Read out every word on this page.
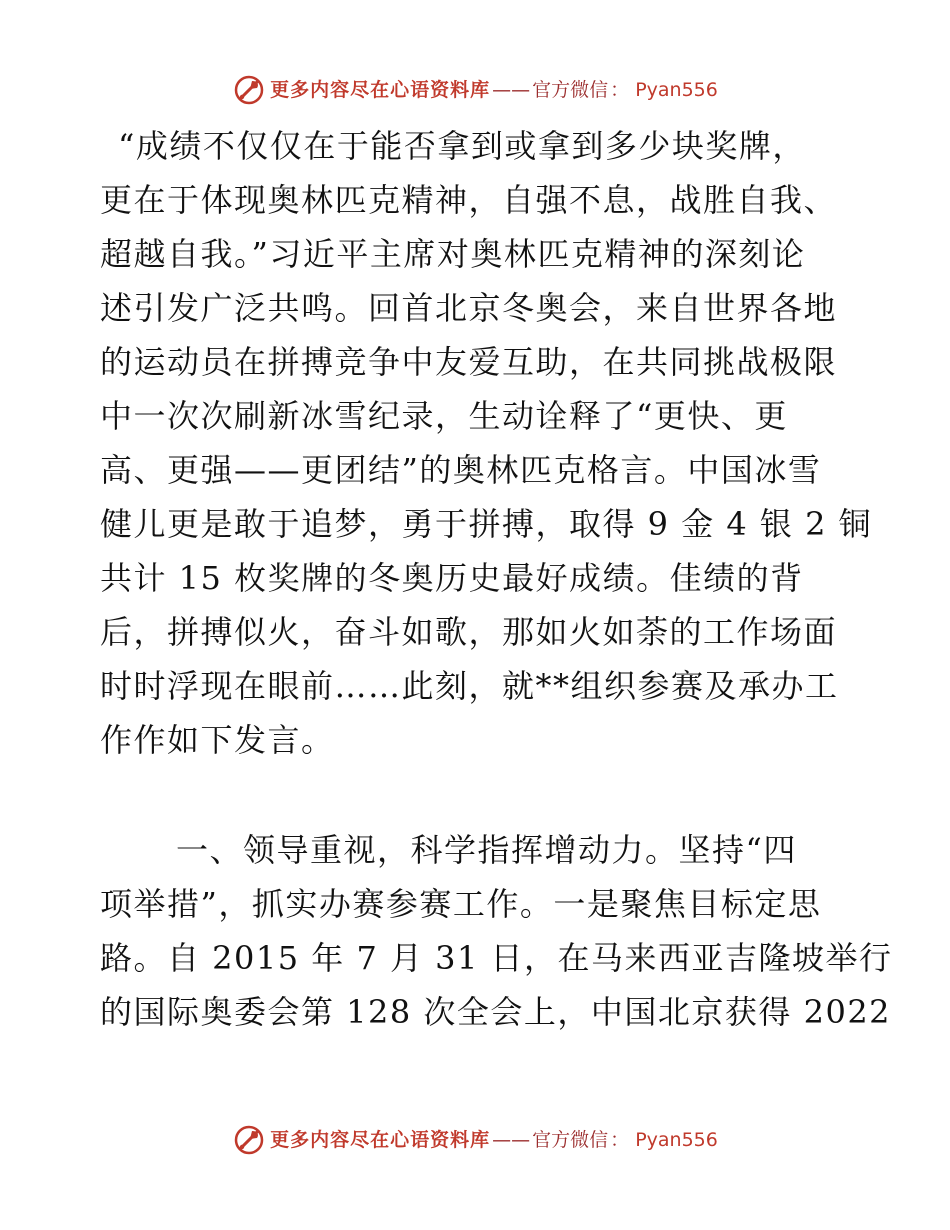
更多内容尽在心语资料库 —— 官方微信 ： Pyan556
“成绩不仅仅在于能否拿到或拿到多少块奖牌，
更在于体现奥林匹克精神，自强不息，战胜自我、
超越自我。”习近平主席对奥林匹克精神的深刻论
述引发广泛共鸣。回首北京冬奥会，来自世界各地
的运动员在拼搏竞争中友爱互助，在共同挑战极限
中一次次刷新冰雪纪录，生动诠释了“更快、更
高、更强——更团结”的奥林匹克格言。中国冰雪
健儿更是敢于追梦，勇于拼搏，取得 9 金 4 银 2 铜
共计 15 枚奖牌的冬奥历史最好成绩。佳绩的背
后，拼搏似火，奋斗如歌，那如火如荼的工作场面
时时浮现在眼前……此刻，就**组织参赛及承办工
作作如下发言。
一、领导重视，科学指挥增动力。坚持“四
项举措”，抓实办赛参赛工作。一是聚焦目标定思
路。自 2015 年 7 月 31 日，在马来西亚吉隆坡举行
的国际奥委会第 128 次全会上，中国北京获得 2022
更多内容尽在心语资料库 —— 官方微信 ： Pyan556
